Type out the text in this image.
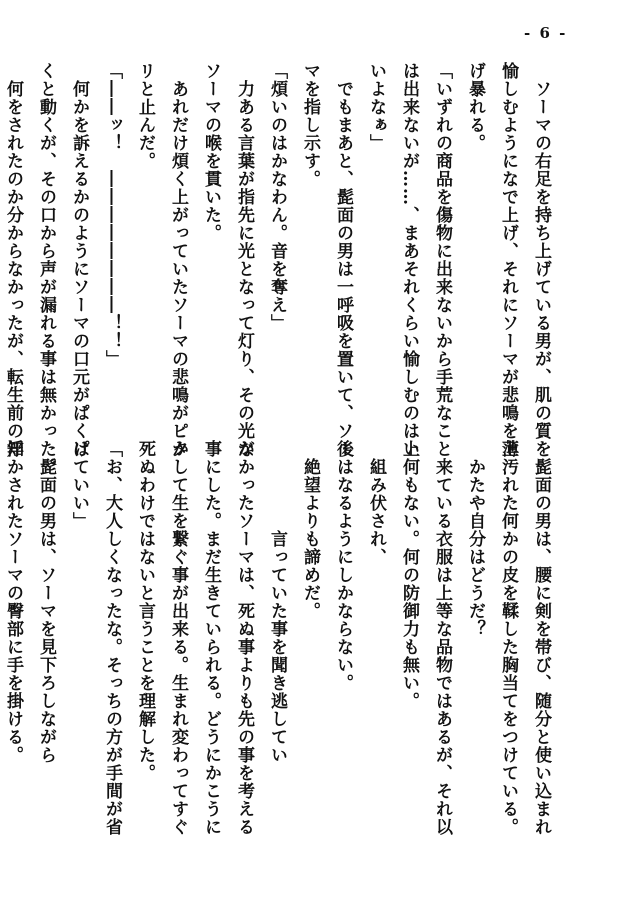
- 6 -
　ソーマの右足を持ち上げている男が、肌の質を
愉しむようになで上げ、それにソーマが悲鳴を上
げ暴れる。
「いずれの商品を傷物に出来ないから手荒なこと
は出来ないが……、まあそれくらい愉しむのはい
いよなぁ」
　でもまあと、髭面の男は一呼吸を置いて、ソー
マを指し示す。
「煩いのはかなわん。音を奪え」
　力ある言葉が指先に光となって灯り、その光が
ソーマの喉を貫いた。
　あれだけ煩く上がっていたソーマの悲鳴がピタ
リと止んだ。
「――ッ！　――――――――！！」
　何かを訴えるかのようにソーマの口元がぱくぱ
くと動くが、その口から声が漏れる事は無かった。
　何をされたのか分からなかったが、転生前の知
　髭面の男は、腰に剣を帯び、随分と使い込まれ
薄汚れた何かの皮を鞣した胸当てをつけている。
　かたや自分はどうだ？
　来ている衣服は上等な品物ではあるが、それ以
上何もない。何の防御力も無い。
　組み伏され、　　　　
後はなるようにしかならない。
　絶望よりも諦めだ。
　　　　　言っていた事を聞き逃してい
なかったソーマは、死ぬ事よりも先の事を考える
事にした。まだ生きていられる。どうにかこうに
かして生を繋ぐ事が出来る。生まれ変わってすぐ
死ぬわけではないと言うことを理解した。
「お、大人しくなったな。そっちの方が手間が省
けていい」
　髭面の男は、ソーマを見下ろしながら
浮かされたソーマの臀部に手を掛ける。
